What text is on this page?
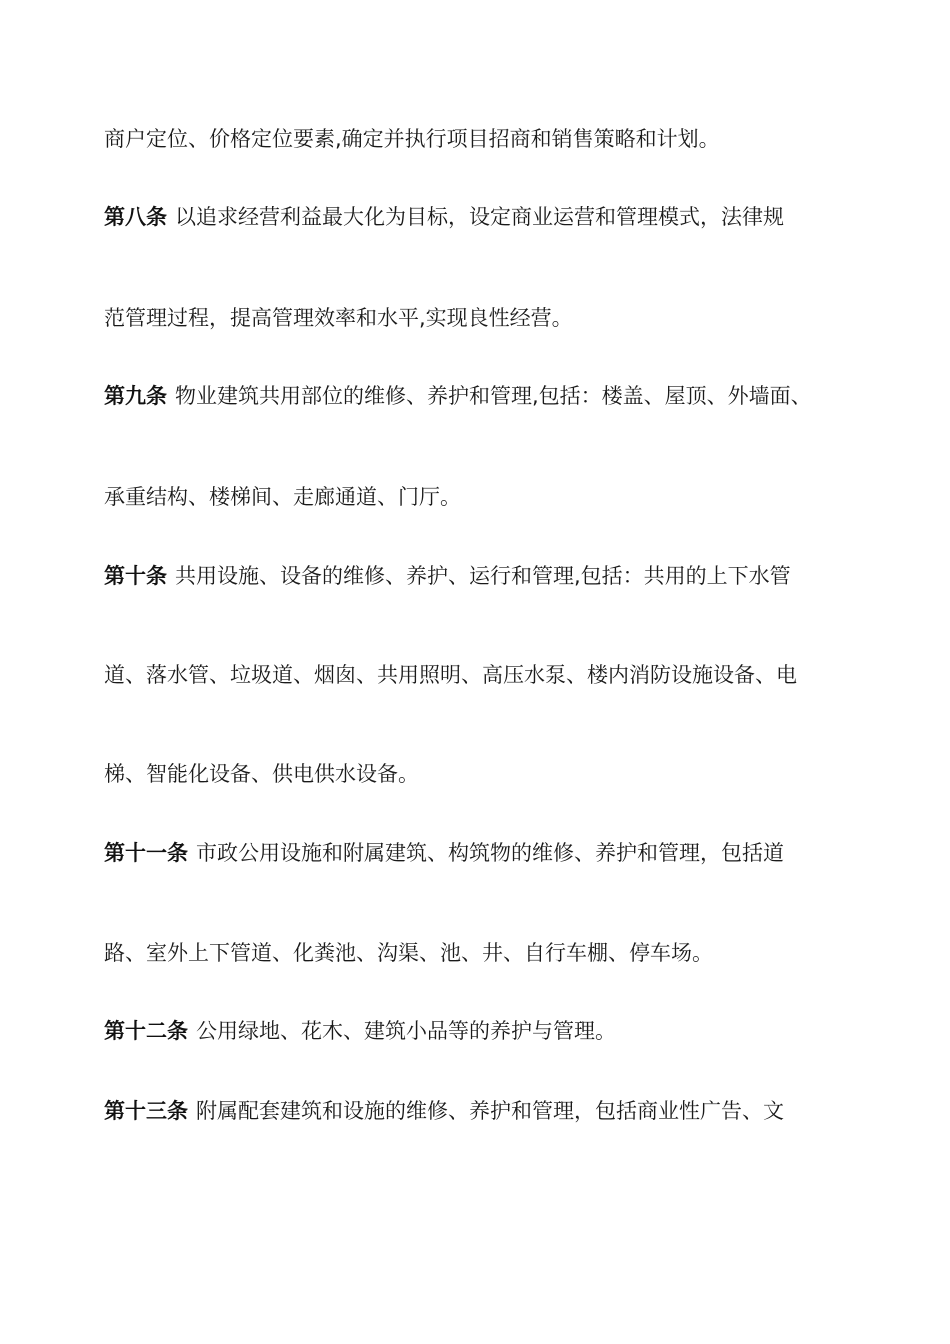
商户定位、价格定位要素,确定并执行项目招商和销售策略和计划。
第八条 以追求经营利益最大化为目标，设定商业运营和管理模式，法律规
范管理过程，提高管理效率和水平,实现良性经营。
第九条 物业建筑共用部位的维修、养护和管理,包括：楼盖、屋顶、外墙面、
承重结构、楼梯间、走廊通道、门厅。
第十条 共用设施、设备的维修、养护、运行和管理,包括：共用的上下水管
道、落水管、垃圾道、烟囱、共用照明、高压水泵、楼内消防设施设备、电
梯、智能化设备、供电供水设备。
第十一条 市政公用设施和附属建筑、构筑物的维修、养护和管理，包括道
路、室外上下管道、化粪池、沟渠、池、井、自行车棚、停车场。
第十二条 公用绿地、花木、建筑小品等的养护与管理。
第十三条 附属配套建筑和设施的维修、养护和管理，包括商业性广告、文
